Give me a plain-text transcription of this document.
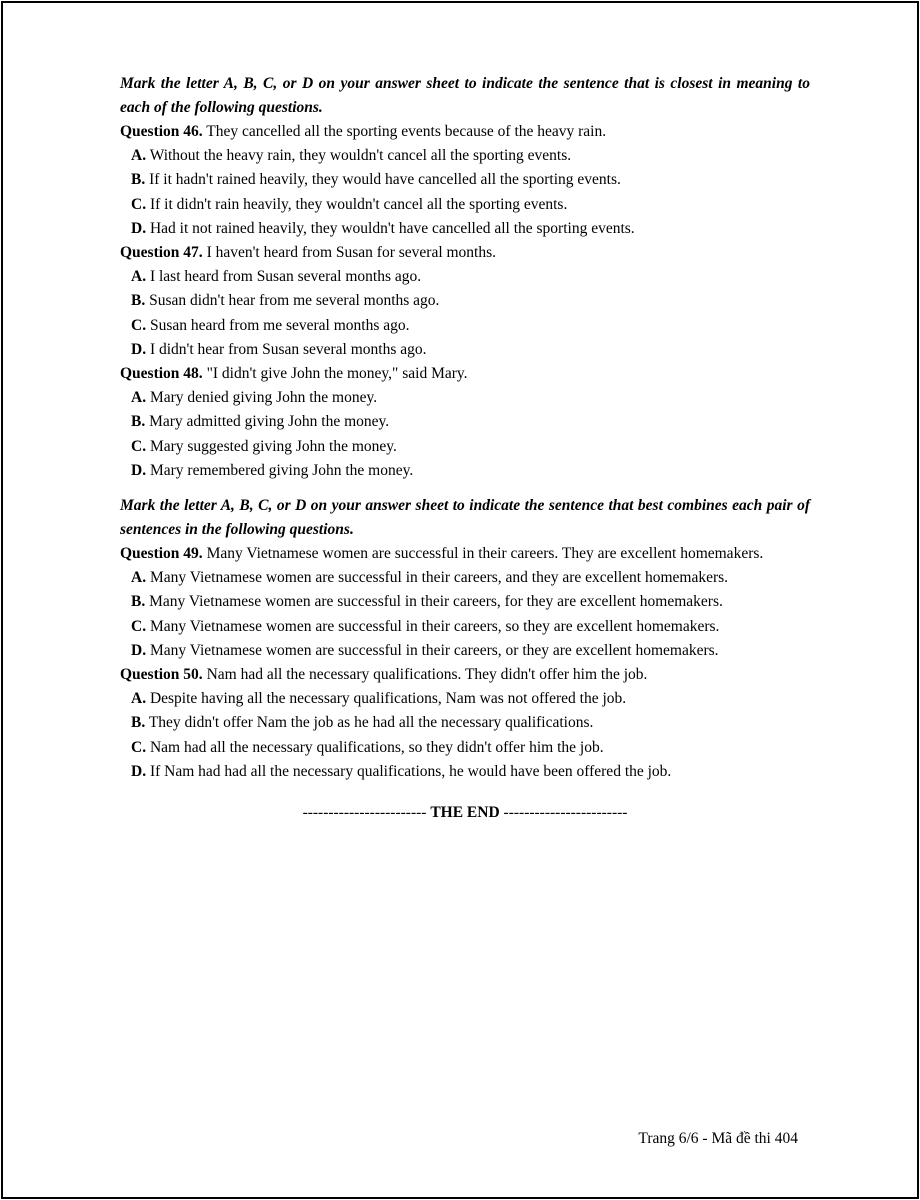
Mark the letter A, B, C, or D on your answer sheet to indicate the sentence that is closest in meaning to each of the following questions.
Question 46. They cancelled all the sporting events because of the heavy rain.
A. Without the heavy rain, they wouldn't cancel all the sporting events.
B. If it hadn't rained heavily, they would have cancelled all the sporting events.
C. If it didn't rain heavily, they wouldn't cancel all the sporting events.
D. Had it not rained heavily, they wouldn't have cancelled all the sporting events.
Question 47. I haven't heard from Susan for several months.
A. I last heard from Susan several months ago.
B. Susan didn't hear from me several months ago.
C. Susan heard from me several months ago.
D. I didn't hear from Susan several months ago.
Question 48. "I didn't give John the money," said Mary.
A. Mary denied giving John the money.
B. Mary admitted giving John the money.
C. Mary suggested giving John the money.
D. Mary remembered giving John the money.
Mark the letter A, B, C, or D on your answer sheet to indicate the sentence that best combines each pair of sentences in the following questions.
Question 49. Many Vietnamese women are successful in their careers. They are excellent homemakers.
A. Many Vietnamese women are successful in their careers, and they are excellent homemakers.
B. Many Vietnamese women are successful in their careers, for they are excellent homemakers.
C. Many Vietnamese women are successful in their careers, so they are excellent homemakers.
D. Many Vietnamese women are successful in their careers, or they are excellent homemakers.
Question 50. Nam had all the necessary qualifications. They didn't offer him the job.
A. Despite having all the necessary qualifications, Nam was not offered the job.
B. They didn't offer Nam the job as he had all the necessary qualifications.
C. Nam had all the necessary qualifications, so they didn't offer him the job.
D. If Nam had had all the necessary qualifications, he would have been offered the job.
------------------------ THE END ------------------------
Trang 6/6 - Mã đề thi 404
